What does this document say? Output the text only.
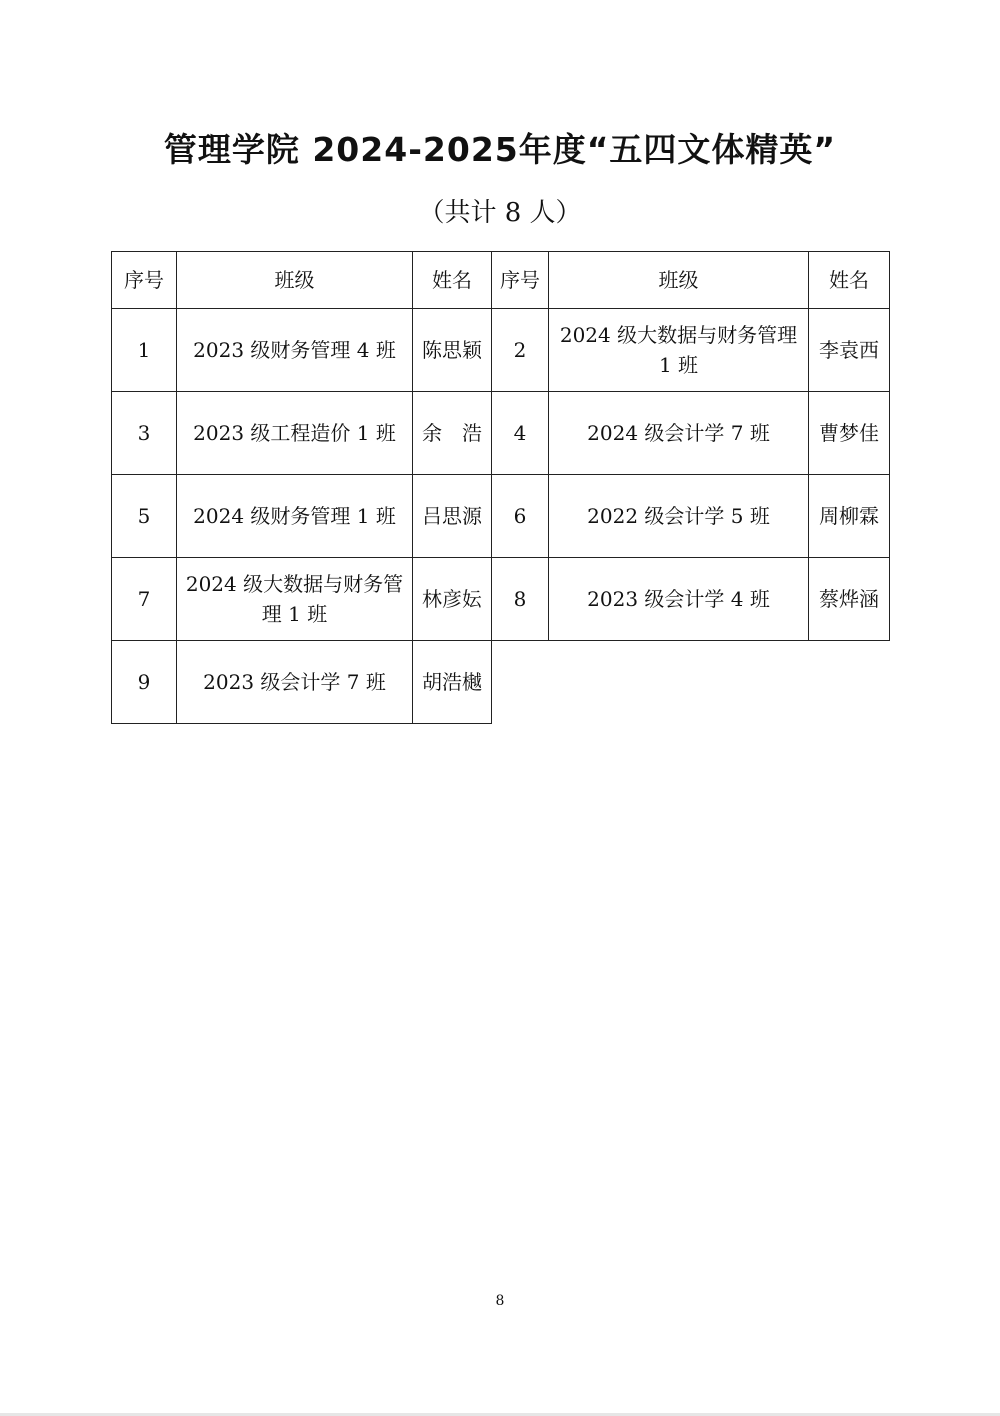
管理学院 2024-2025年度“五四文体精英”
（共计 8 人）
序号	班级	姓名	序号	班级	姓名
1	2023 级财务管理 4 班	陈思颖	2	2024 级大数据与财务管理 1 班	李袁西
3	2023 级工程造价 1 班	余　浩	4	2024 级会计学 7 班	曹梦佳
5	2024 级财务管理 1 班	吕思源	6	2022 级会计学 5 班	周柳霖
7	2024 级大数据与财务管理 1 班	林彦妘	8	2023 级会计学 4 班	蔡烨涵
9	2023 级会计学 7 班	胡浩樾			
8
